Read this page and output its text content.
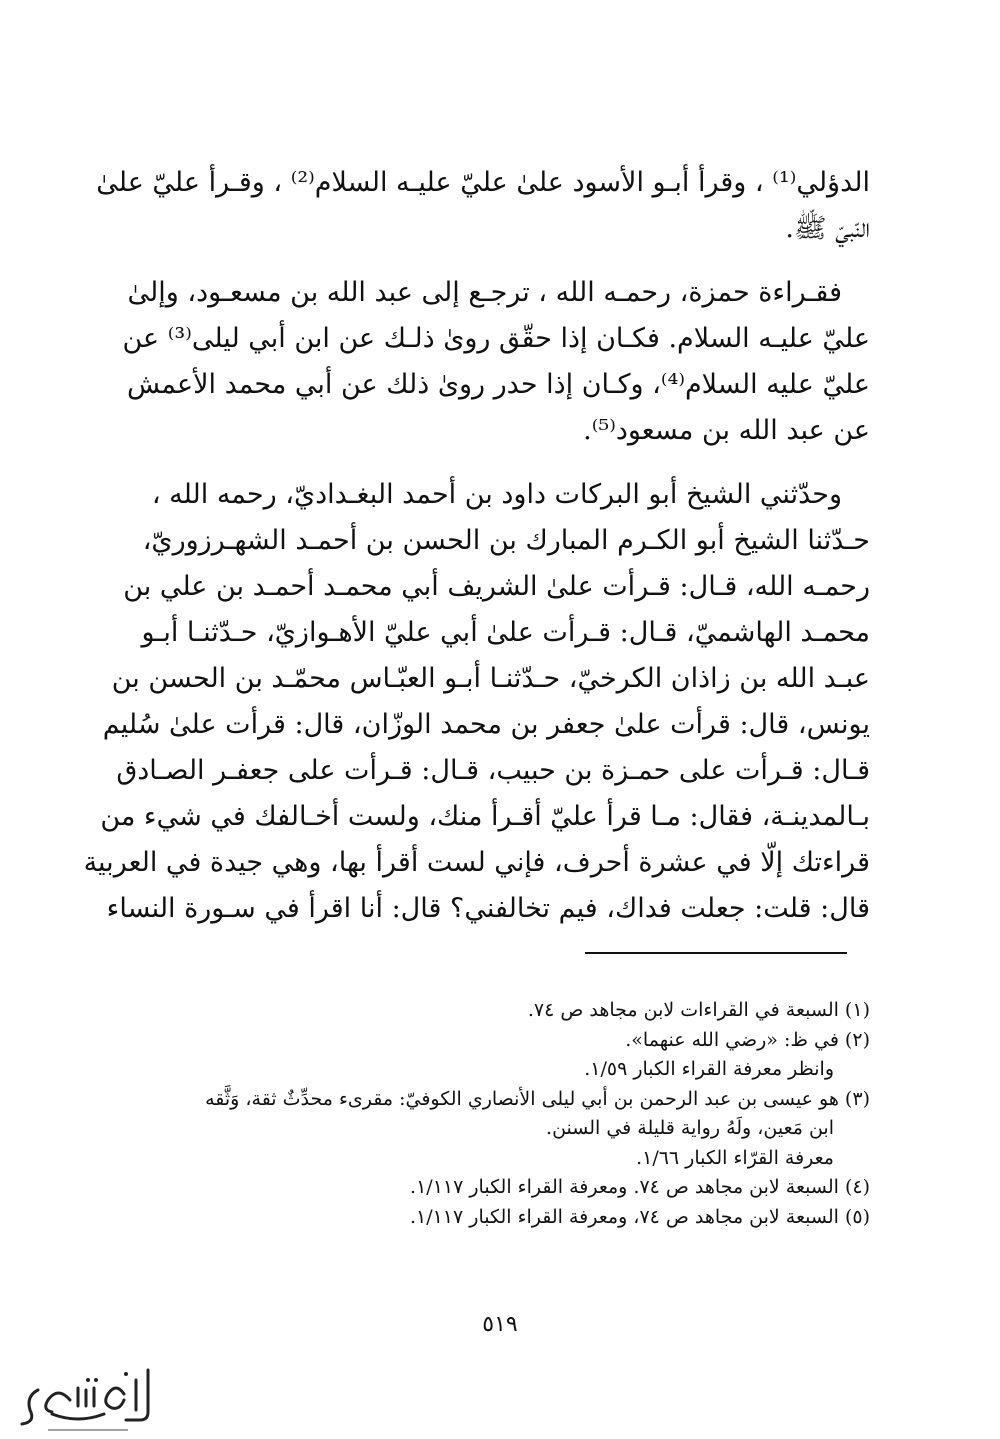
الدؤلي⁽¹⁾ ، وقرأ أبـو الأسود علىٰ عليّ عليـه السلام⁽²⁾ ، وقـرأ عليّ علىٰ
النّبيّ ﷺ.

فقـراءة حمزة، رحمـه الله ، ترجـع إلى عبد الله بن مسعـود، وإلىٰ
عليّ عليـه السلام. فكـان إذا حقّق رویٰ ذلـك عن ابن أبي ليلى⁽³⁾ عن
عليّ عليه السلام⁽⁴⁾، وكـان إذا حدر رویٰ ذلك عن أبي محمد الأعمش
عن عبد الله بن مسعود⁽⁵⁾.

وحدّثني الشيخ أبو البركات داود بن أحمد البغـداديّ، رحمه الله ،
حـدّثنا الشيخ أبو الكـرم المبارك بن الحسن بن أحمـد الشهـرزوريّ،
رحمـه الله، قـال: قـرأت علىٰ الشريف أبي محمـد أحمـد بن علي بن
محمـد الهاشميّ، قـال: قـرأت علىٰ أبي عليّ الأهـوازيّ، حـدّثنـا أبـو
عبـد الله بن زاذان الكرخيّ، حـدّثنـا أبـو العبّـاس محمّـد بن الحسن بن
يونس، قال: قرأت علىٰ جعفر بن محمد الوزّان، قال: قرأت علىٰ سُليم
قـال: قـرأت على حمـزة بن حبيب، قـال: قـرأت على جعفـر الصـادق
بـالمدينـة، فقال: مـا قرأ عليّ أقـرأ منك، ولست أخـالفك في شيء من
قراءتك إلّا في عشرة أحرف، فإني لست أقرأ بها، وهي جيدة في العربية
قال: قلت: جعلت فداك، فيم تخالفني؟ قال: أنا اقرأ في سـورة النساء

(١) السبعة في القراءات لابن مجاهد ص ٧٤.
(٢) في ظ: «رضي الله عنهما».
وانظر معرفة القراء الكبار ١/٥٩.
(٣) هو عيسى بن عبد الرحمن بن أبي ليلى الأنصاري الكوفيّ: مقرىء محدِّثٌ ثقة، وَثَّقه
ابن مَعين، ولَهُ رواية قليلة في السنن.
معرفة القرّاء الكبار ١/٦٦.
(٤) السبعة لابن مجاهد ص ٧٤. ومعرفة القراء الكبار ١/١١٧.
(٥) السبعة لابن مجاهد ص ٧٤، ومعرفة القراء الكبار ١/١١٧.
٥١٩
